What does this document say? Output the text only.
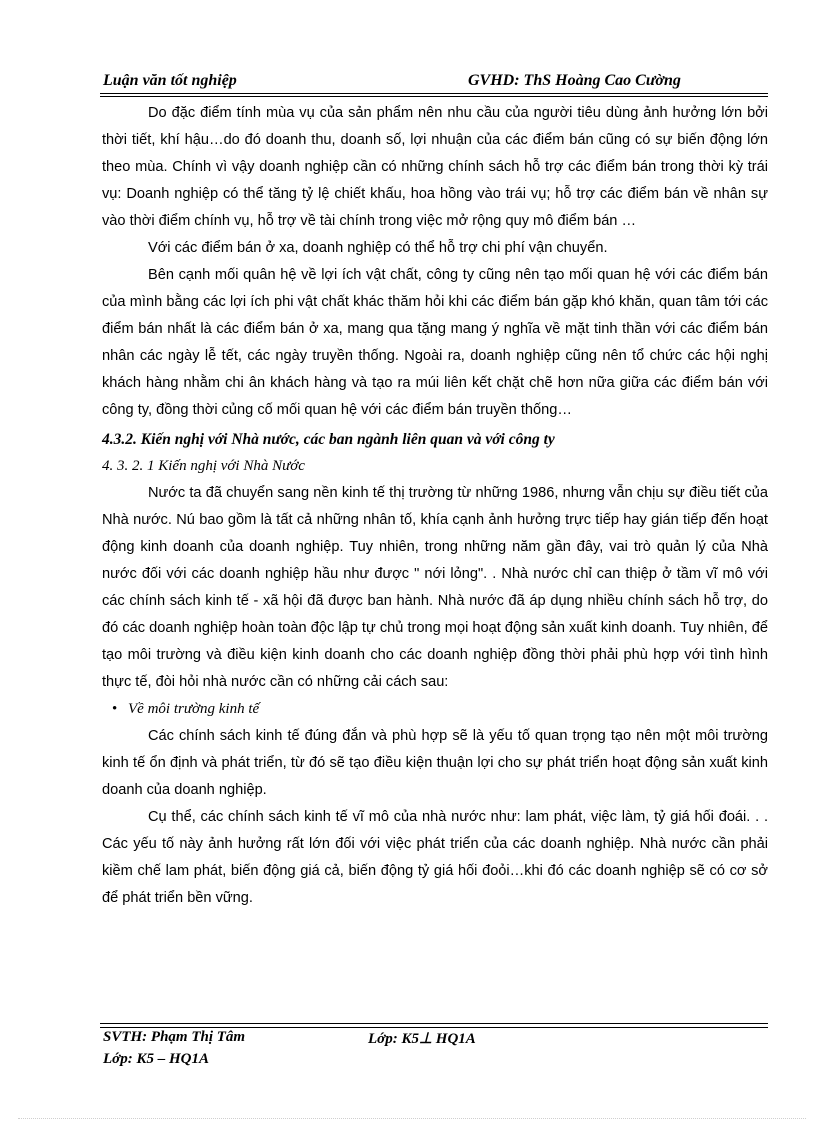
Luận văn tốt nghiệp	GVHD: ThS Hoàng Cao Cường

Do đặc điểm tính mùa vụ của sản phẩm nên nhu cầu của người tiêu dùng ảnh hưởng lớn bởi thời tiết, khí hậu…do đó doanh thu, doanh số, lợi nhuận của các điểm bán cũng có sự biến động lớn theo mùa. Chính vì vậy doanh nghiệp cần có những chính sách hỗ trợ các điểm bán trong thời kỳ trái vụ: Doanh nghiệp có thể tăng tỷ lệ chiết khấu, hoa hồng vào trái vụ; hỗ trợ các điểm bán về nhân sự vào thời điểm chính vụ, hỗ trợ về tài chính trong việc mở rộng quy mô điểm bán …

Với các điểm bán ở xa, doanh nghiệp có thể hỗ trợ chi phí vận chuyển.

Bên cạnh mối quân hệ về lợi ích vật chất, công ty cũng nên tạo mối quan hệ với các điểm bán của mình bằng các lợi ích phi vật chất khác thăm hỏi khi các điểm bán gặp khó khăn, quan tâm tới các điểm bán nhất là các điểm bán ở xa, mang qua tặng mang ý nghĩa về mặt tinh thần với các điểm bán nhân các ngày lễ tết, các ngày truyền thống. Ngoài ra, doanh nghiệp cũng nên tổ chức các hội nghị khách hàng nhằm chi ân khách hàng và tạo ra múi liên kết chặt chẽ hơn nữa giữa các điểm bán với công ty, đồng thời củng cố mối quan hệ với các điểm bán truyền thống…

4.3.2. Kiến nghị với Nhà nước, các ban ngành liên quan và với công ty

4. 3. 2. 1 Kiến nghị với Nhà Nước

Nước ta đã chuyển sang nền kinh tế thị trường từ những 1986, nhưng vẫn chịu sự điều tiết của Nhà nước. Nú bao gồm là tất cả những nhân tố, khía cạnh ảnh hưởng trực tiếp hay gián tiếp đến hoạt động kinh doanh của doanh nghiệp. Tuy nhiên, trong những năm gần đây, vai trò quản lý của Nhà nước đối với các doanh nghiệp hầu như được " nới lỏng". . Nhà nước chỉ can thiệp ở tầm vĩ mô với các chính sách kinh tế - xã hội đã được ban hành. Nhà nước đã áp dụng nhiều chính sách hỗ trợ, do đó các doanh nghiệp hoàn toàn độc lập tự chủ trong mọi hoạt động sản xuất kinh doanh. Tuy nhiên, để tạo môi trường và điều kiện kinh doanh cho các doanh nghiệp đồng thời phải phù hợp với tình hình thực tế, đòi hỏi nhà nước cần có những cải cách sau:

• Về môi trường kinh tế

Các chính sách kinh tế đúng đắn và phù hợp sẽ là yếu tố quan trọng tạo nên một môi trường kinh tế ổn định và phát triển, từ đó sẽ tạo điều kiện thuận lợi cho sự phát triển hoạt động sản xuất kinh doanh của doanh nghiệp.

Cụ thể, các chính sách kinh tế vĩ mô của nhà nước như: lam phát, việc làm, tỷ giá hối đoái. . . Các yếu tố này ảnh hưởng rất lớn đối với việc phát triển của các doanh nghiệp. Nhà nước cần phải kiềm chế lam phát, biến động giá cả, biến động tỷ giá hối đoỏi…khi đó các doanh nghiệp sẽ có cơ sở để phát triển bền vững.

SVTH: Phạm Thị Tâm	Lớp: K5⊥ HQ1A
Lớp: K5 – HQ1A
